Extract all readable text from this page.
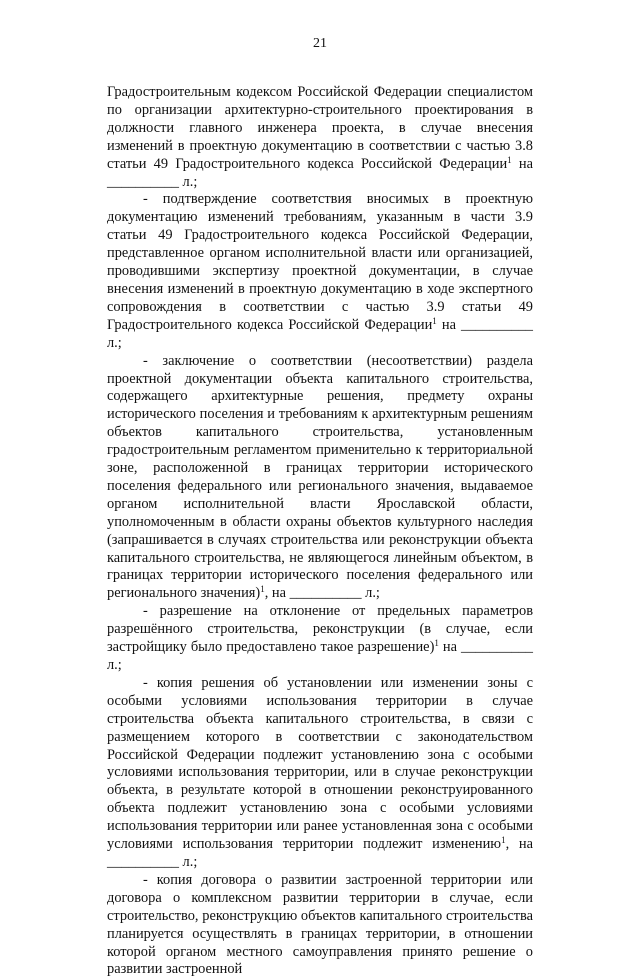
21

Градостроительным кодексом Российской Федерации специалистом по организации архитектурно-строительного проектирования в должности главного инженера проекта, в случае внесения изменений в проектную документацию в соответствии с частью 3.8 статьи 49 Градостроительного кодекса Российской Федерации$^1$ на __________ л.;

- подтверждение соответствия вносимых в проектную документацию изменений требованиям, указанным в части 3.9 статьи 49 Градостроительного кодекса Российской Федерации, представленное органом исполнительной власти или организацией, проводившими экспертизу проектной документации, в случае внесения изменений в проектную документацию в ходе экспертного сопровождения в соответствии с частью 3.9 статьи 49 Градостроительного кодекса Российской Федерации$^1$ на __________ л.;

- заключение о соответствии (несоответствии) раздела проектной документации объекта капитального строительства, содержащего архитектурные решения, предмету охраны исторического поселения и требованиям к архитектурным решениям объектов капитального строительства, установленным градостроительным регламентом применительно к территориальной зоне, расположенной в границах территории исторического поселения федерального или регионального значения, выдаваемое органом исполнительной власти Ярославской области, уполномоченным в области охраны объектов культурного наследия (запрашивается в случаях строительства или реконструкции объекта капитального строительства, не являющегося линейным объектом, в границах территории исторического поселения федерального или регионального значения)$^1$, на __________ л.;

- разрешение на отклонение от предельных параметров разрешённого строительства, реконструкции (в случае, если застройщику было предоставлено такое разрешение)$^1$ на __________ л.;

- копия решения об установлении или изменении зоны с особыми условиями использования территории в случае строительства объекта капитального строительства, в связи с размещением которого в соответствии с законодательством Российской Федерации подлежит установлению зона с особыми условиями использования территории, или в случае реконструкции объекта, в результате которой в отношении реконструированного объекта подлежит установлению зона с особыми условиями использования территории или ранее установленная зона с особыми условиями использования территории подлежит изменению$^1$, на __________ л.;

- копия договора о развитии застроенной территории или договора о комплексном развитии территории в случае, если строительство, реконструкцию объектов капитального строительства планируется осуществлять в границах территории, в отношении которой органом местного самоуправления принято решение о развитии застроенной
